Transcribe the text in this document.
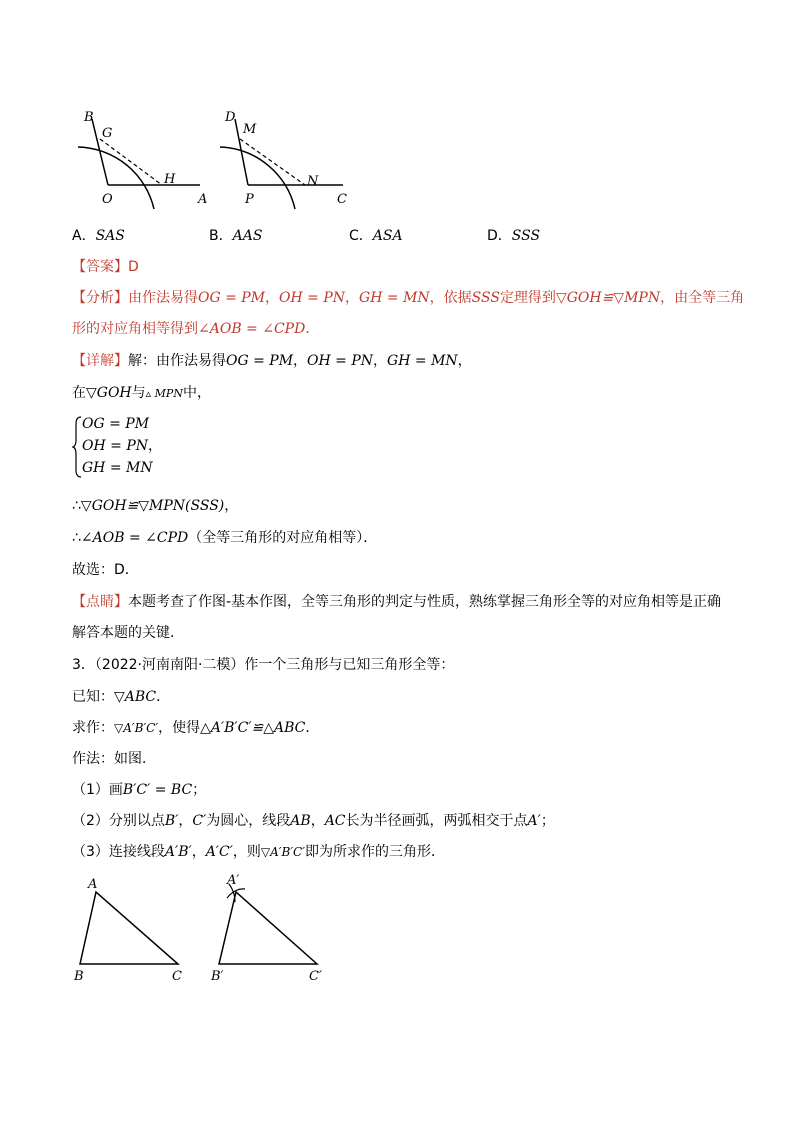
B
G
O
H
A
D
M
P
N
C
A．SAS	B．AAS	C．ASA	D．SSS
【答案】D
【分析】由作法易得OG = PM，OH = PN，GH = MN，依据SSS定理得到▽GOH≌▽MPN，由全等三角
形的对应角相等得到∠AOB = ∠CPD．
【详解】解：由作法易得OG = PM，OH = PN，GH = MN，
在▽GOH与▵ MPN中，
OG = PM
OH = PN，
GH = MN
∴▽GOH≌▽MPN(SSS)，
∴∠AOB = ∠CPD（全等三角形的对应角相等）．
故选：D．
【点睛】本题考查了作图-基本作图，全等三角形的判定与性质，熟练掌握三角形全等的对应角相等是正确
解答本题的关键．
3．（2022·河南南阳·二模）作一个三角形与已知三角形全等：
已知：▽ABC．
求作：▽A′B′C′，使得△A′B′C′≌△ABC．
作法：如图．
（1）画B′C′ = BC；
（2）分别以点B′，C′为圆心，线段AB，AC长为半径画弧，两弧相交于点A′；
（3）连接线段A′B′，A′C′，则▽A′B′C′即为所求作的三角形．
A
B	C
A′
B′	C′
